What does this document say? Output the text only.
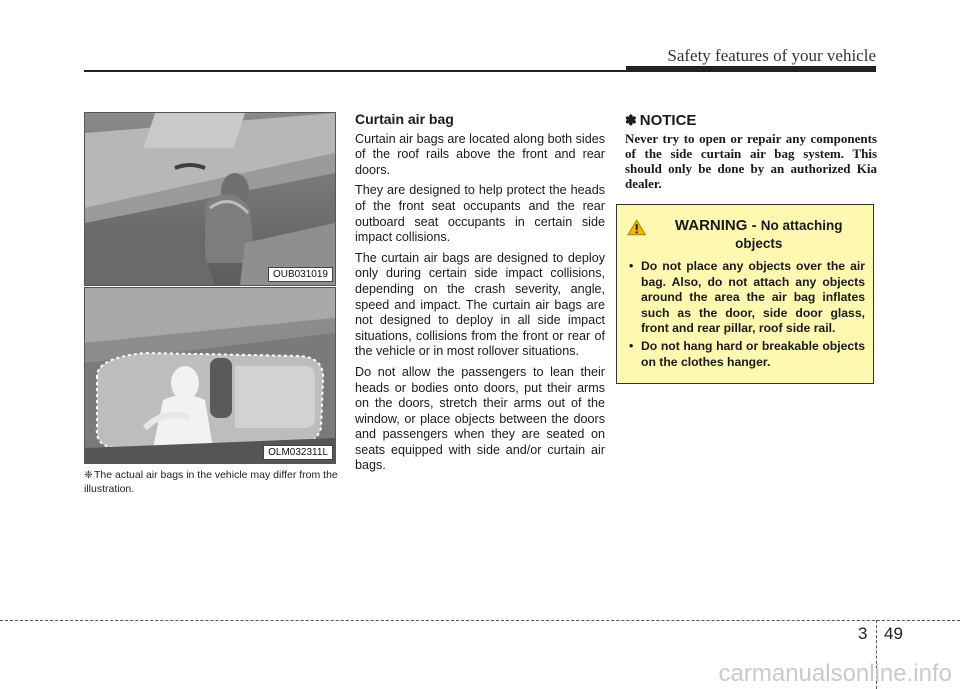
Safety features of your vehicle
OUB031019
OLM032311L
❈The actual air bags in the vehicle may differ from the illustration.
Curtain air bag

Curtain air bags are located along both sides of the roof rails above the front and rear doors.

They are designed to help protect the heads of the front seat occupants and the rear outboard seat occupants in certain side impact collisions.

The curtain air bags are designed to deploy only during certain side impact collisions, depending on the crash severity, angle, speed and impact. The curtain air bags are not designed to deploy in all side impact situations, collisions from the front or rear of the vehicle or in most rollover situations.

Do not allow the passengers to lean their heads or bodies onto doors, put their arms on the doors, stretch their arms out of the window, or place objects between the doors and passengers when they are seated on seats equipped with side and/or curtain air bags.

✽ NOTICE

Never try to open or repair any components of the side curtain air bag system. This should only be done by an authorized Kia dealer.

WARNING - No attaching objects
• Do not place any objects over the air bag. Also, do not attach any objects around the area the air bag inflates such as the door, side door glass, front and rear pillar, roof side rail.
• Do not hang hard or breakable objects on the clothes hanger.
3 49
carmanualsonline.info
